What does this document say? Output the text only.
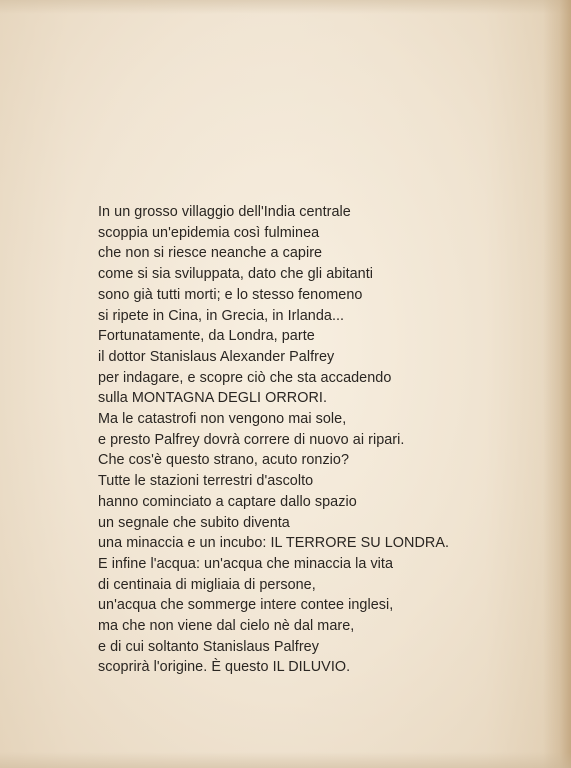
In un grosso villaggio dell'India centrale
scoppia un'epidemia così fulminea
che non si riesce neanche a capire
come si sia sviluppata, dato che gli abitanti
sono già tutti morti; e lo stesso fenomeno
si ripete in Cina, in Grecia, in Irlanda...
Fortunatamente, da Londra, parte
il dottor Stanislaus Alexander Palfrey
per indagare, e scopre ciò che sta accadendo
sulla MONTAGNA DEGLI ORRORI.
Ma le catastrofi non vengono mai sole,
e presto Palfrey dovrà correre di nuovo ai ripari.
Che cos'è questo strano, acuto ronzio?
Tutte le stazioni terrestri d'ascolto
hanno cominciato a captare dallo spazio
un segnale che subito diventa
una minaccia e un incubo: IL TERRORE SU LONDRA.
E infine l'acqua: un'acqua che minaccia la vita
di centinaia di migliaia di persone,
un'acqua che sommerge intere contee inglesi,
ma che non viene dal cielo nè dal mare,
e di cui soltanto Stanislaus Palfrey
scoprirà l'origine. È questo IL DILUVIO.
